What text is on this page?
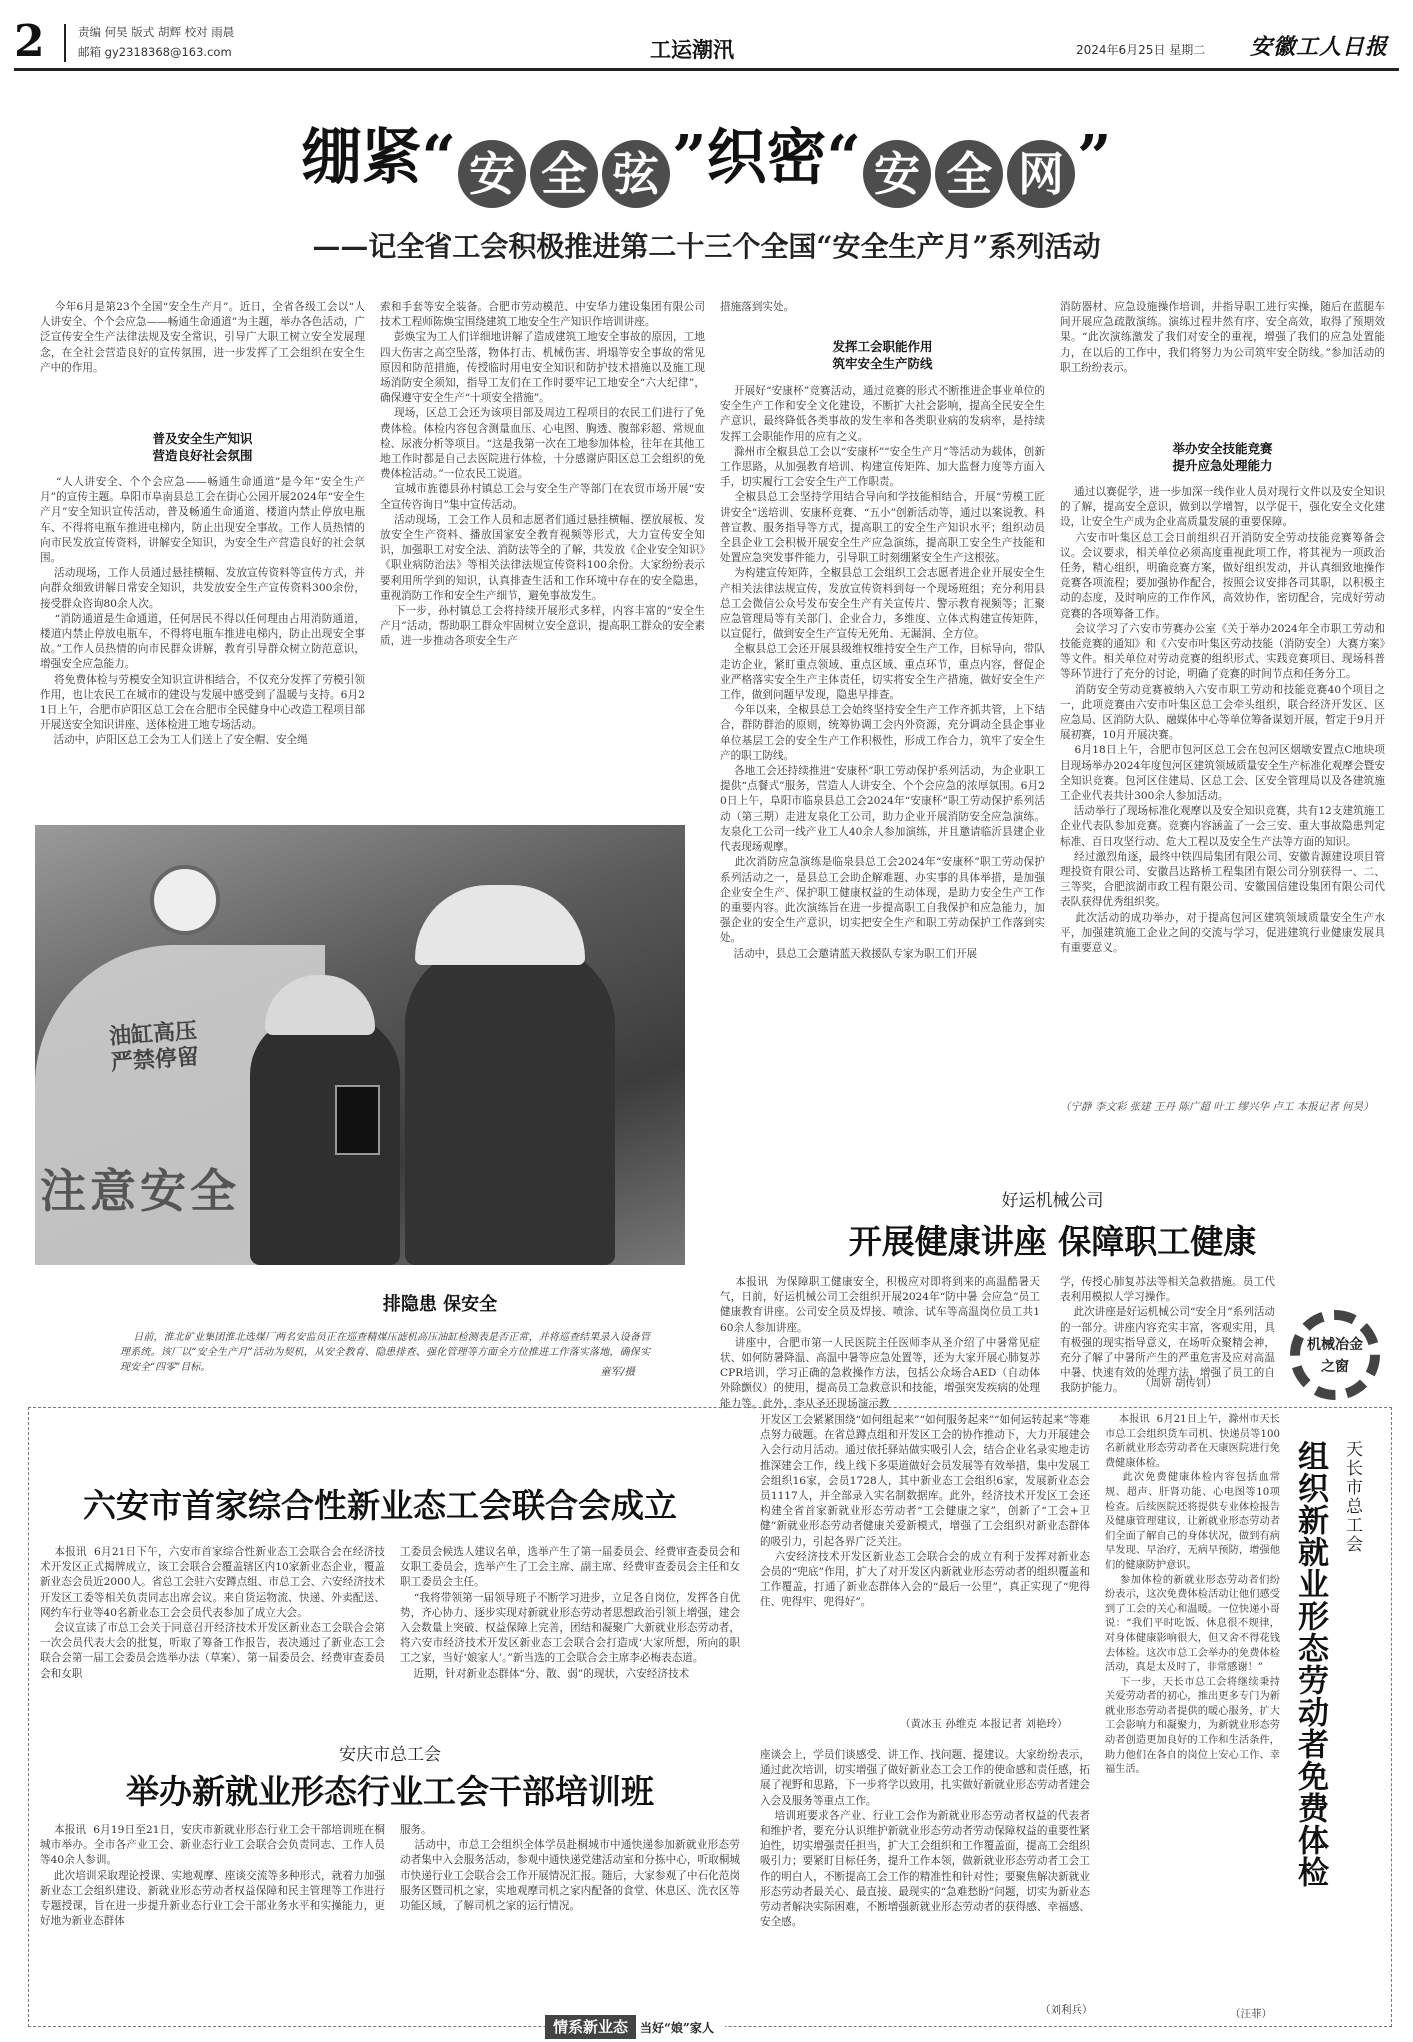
2	责编 何昊 版式 胡辉 校对 雨晨
邮箱 gy2318368@163.com	工运潮汛	2024年6月25日 星期二 安徽工人日报
绷紧“ 安 全 弦 ”织密“ 安 全 网 ”
——记全省工会积极推进第二十三个全国“安全生产月”系列活动
今年6月是第23个全国“安全生产月”。近日，全省各级工会以“人人讲安全、个个会应急——畅通生命通道”为主题，举办各色活动，广泛宣传安全生产法律法规及安全常识，引导广大职工树立安全发展理念，在全社会营造良好的宣传氛围，进一步发挥了工会组织在安全生产中的作用。
普及安全生产知识
营造良好社会氛围
“人人讲安全、个个会应急——畅通生命通道”是今年“安全生产月”的宣传主题。阜阳市阜南县总工会在街心公园开展2024年“安全生产月”安全知识宣传活动，普及畅通生命通道、楼道内禁止停放电瓶车、不得将电瓶车推进电梯内，防止出现安全事故。工作人员热情的向市民发放宣传资料，讲解安全知识，为安全生产营造良好的社会氛围。
活动现场，工作人员通过悬挂横幅、发放宣传资料等宣传方式，并向群众细致讲解日常安全知识，共发放安全生产宣传资料300余份，接受群众咨询80余人次。
“消防通道是生命通道，任何居民不得以任何理由占用消防通道，楼道内禁止停放电瓶车，不得将电瓶车推进电梯内，防止出现安全事故。”工作人员热情的向市民群众讲解，教育引导群众树立防范意识，增强安全应急能力。
将免费体检与劳模安全知识宣讲相结合，不仅充分发挥了劳模引领作用，也让农民工在城市的建设与发展中感受到了温暖与支持。6月21日上午，合肥市庐阳区总工会在合肥市全民健身中心改造工程项目部开展送安全知识讲座、送体检进工地专场活动。
活动中，庐阳区总工会为工人们送上了安全帽、安全绳
索和手套等安全装备。合肥市劳动模范、中安华力建设集团有限公司技术工程师陈焕宝围绕建筑工地安全生产知识作培训讲座。
彭焕宝为工人们详细地讲解了造成建筑工地安全事故的原因，工地四大伤害之高空坠落，物体打击、机械伤害、坍塌等安全事故的常见原因和防范措施，传授临时用电安全知识和防护技术措施以及施工现场消防安全须知，指导工友们在工作时要牢记工地安全“六大纪律”，确保遵守安全生产“十项安全措施”。
现场，区总工会还为该项目部及周边工程项目的农民工们进行了免费体检。体检内容包含测量血压、心电图、胸透、腹部彩超、常规血检、尿液分析等项目。“这是我第一次在工地参加体检，往年在其他工地工作时都是自己去医院进行体检，十分感谢庐阳区总工会组织的免费体检活动。”一位农民工说道。
宣城市旌德县孙村镇总工会与安全生产等部门在农贸市场开展“安全宣传咨询日”集中宣传活动。
活动现场，工会工作人员和志愿者们通过悬挂横幅、摆放展板、发放安全生产资料、播放国家安全教育视频等形式，大力宣传安全知识，加强职工对安全法、消防法等全的了解，共发放《企业安全知识》《职业病防治法》等相关法律法规宣传资料100余份。大家纷纷表示要利用所学到的知识，认真排查生活和工作环境中存在的安全隐患，重视消防工作和安全生产细节，避免事故发生。
下一步，孙村镇总工会将持续开展形式多样，内容丰富的“安全生产月”活动，帮助职工群众牢固树立安全意识，提高职工群众的安全素质，进一步推动各项安全生产
措施落到实处。
发挥工会职能作用
筑牢安全生产防线
开展好“安康杯”竞赛活动，通过竞赛的形式不断推进企事业单位的安全生产工作和安全文化建设，不断扩大社会影响，提高全民安全生产意识，最终降低各类事故的发生率和各类职业病的发病率，是持续发挥工会职能作用的应有之义。
滁州市全椒县总工会以“安康杯”“安全生产月”等活动为载体，创新工作思路，从加强教育培训、构建宣传矩阵、加大监督力度等方面入手，切实履行工会安全生产工作职责。
全椒县总工会坚持学用结合导向和学技能相结合，开展“劳模工匠讲安全”送培训、安康杯竞赛、“五小”创新活动等，通过以案说教、科普宣教、服务指导等方式，提高职工的安全生产知识水平；组织动员全县企业工会积极开展安全生产应急演练，提高职工安全生产技能和处置应急突发事件能力，引导职工时刻绷紧安全生产这根弦。
为构建宣传矩阵，全椒县总工会组织工会志愿者进企业开展安全生产相关法律法规宣传，发放宣传资料到每一个现场班组；充分利用县总工会微信公众号发布安全生产有关宣传片、警示教育视频等；汇聚应急管理局等有关部门、企业合力，多维度、立体式构建宣传矩阵，以宣促行，做到安全生产宣传无死角、无漏洞、全方位。
全椒县总工会还开展县级维权维持安全生产工作，目标导向，带队走访企业，紧盯重点领域、重点区域、重点环节，重点内容，督促企业严格落实安全生产主体责任，切实将安全生产措施，做好安全生产工作，做到问题早发现，隐患早排查。
今年以来，全椒县总工会始终坚持安全生产工作齐抓共管，上下结合，群防群治的原则，统筹协调工会内外资源，充分调动全县企事业单位基层工会的安全生产工作积极性，形成工作合力，筑牢了安全生产的职工防线。
各地工会还持续推进“安康杯”职工劳动保护系列活动，为企业职工提供“点餐式”服务，营造人人讲安全、个个会应急的浓厚氛围。6月20日上午，阜阳市临泉县总工会2024年“安康杯”职工劳动保护系列活动（第三期）走进友泉化工公司，助力企业开展消防安全应急演练。友泉化工公司一线产业工人40余人参加演练，并且邀请临沂县建企业代表现场观摩。
此次消防应急演练是临泉县总工会2024年“安康杯”职工劳动保护系列活动之一，是县总工会助企解难题、办实事的具体举措，是加强企业安全生产、保护职工健康权益的生动体现，是助力安全生产工作的重要内容。此次演练旨在进一步提高职工自我保护和应急能力，加强企业的安全生产意识，切实把安全生产和职工劳动保护工作落到实处。
活动中，县总工会邀请蓝天救援队专家为职工们开展
消防器材、应急设施操作培训，并指导职工进行实操，随后在蓝腿车间开展应急疏散演练。演练过程井然有序、安全高效，取得了预期效果。“此次演练激发了我们对安全的重视，增强了我们的应急处置能力，在以后的工作中，我们将努力为公司筑牢安全防线。”参加活动的职工纷纷表示。
举办安全技能竞赛
提升应急处理能力
通过以赛促学，进一步加深一线作业人员对现行文件以及安全知识的了解，提高安全意识，做到以学增智，以学促干，强化安全文化建设，让安全生产成为企业高质量发展的重要保障。
六安市叶集区总工会日前组织召开消防安全劳动技能竞赛筹备会议。会议要求，相关单位必须高度重视此项工作，将其视为一项政治任务，精心组织，明确竞赛方案，做好组织发动，并认真细致地操作竞赛各项流程；要加强协作配合，按照会议安排各司其职，以积极主动的态度，及时响应的工作作风，高效协作，密切配合，完成好劳动竞赛的各项筹备工作。
会议学习了六安市劳赛办公室《关于举办2024年全市职工劳动和技能竞赛的通知》和《六安市叶集区劳动技能（消防安全）大赛方案》等文件。相关单位对劳动竞赛的组织形式、实践竞赛项目、现场科普等环节进行了充分的讨论，明确了竞赛的时间节点和任务分工。
消防安全劳动竞赛被纳入六安市职工劳动和技能竞赛40个项目之一，此项竞赛由六安市叶集区总工会牵头组织，联合经济开发区、区应急局、区消防大队、融媒体中心等单位筹备谋划开展，暂定于9月开展初赛，10月开展决赛。
6月18日上午，合肥市包河区总工会在包河区烟墩安置点C地块项目现场举办2024年度包河区建筑领域质量安全生产标准化观摩会暨安全知识竞赛。包河区住建局、区总工会、区安全管理局以及各建筑施工企业代表共计300余人参加活动。
活动举行了现场标准化观摩以及安全知识竞赛，共有12支建筑施工企业代表队参加竞赛。竞赛内容涵盖了一会三安、重大事故隐患判定标准、百日攻坚行动、危大工程以及安全生产法等方面的知识。
经过激烈角逐，最终中铁四局集团有限公司、安徽肯源建设项目管理投资有限公司、安徽昌达路桥工程集团有限公司分别获得一、二、三等奖，合肥滨湖市政工程有限公司、安徽国信建设集团有限公司代表队获得优秀组织奖。
此次活动的成功举办，对于提高包河区建筑领域质量安全生产水平，加强建筑施工企业之间的交流与学习，促进建筑行业健康发展具有重要意义。
（宁静 李文彩 张建 王丹 陈广超 叶工 缪兴华 卢工 本报记者 何昊）
油缸高压
严禁停留
注意安全
排隐患 保安全
日前，淮北矿业集团淮北选煤厂两名安监员正在巡查精煤压滤机高压油缸检测表是否正常，并将巡查结果录入设备管理系统。该厂以“安全生产月”活动为契机，从安全教育、隐患排查、强化管理等方面全方位推进工作落实落地，确保实现安全“四零”目标。	童军/摄
好运机械公司
开展健康讲座 保障职工健康
本报讯  为保障职工健康安全，积极应对即将到来的高温酷暑天气，日前，好运机械公司工会组织开展2024年“防中暑 会应急”员工健康教育讲座。公司安全员及焊接、喷涂、试车等高温岗位员工共160余人参加讲座。
讲座中，合肥市第一人民医院主任医师李从圣介绍了中暑常见症状、如何防暑降温、高温中暑等应急处置等，还为大家开展心肺复苏CPR培训，学习正确的急救操作方法，包括公众场合AED（自动体外除颤仪）的使用，提高员工急救意识和技能，增强突发疾病的处理能力等。此外，李从圣还现场演示教
学，传授心肺复苏法等相关急救措施。员工代表利用模拟人学习操作。
此次讲座是好运机械公司“安全月”系列活动的一部分。讲座内容充实丰富，客观实用，具有极强的现实指导意义，在场听众聚精会神，充分了解了中暑所产生的严重危害及应对高温中暑、快速有效的处理方法，增强了员工的自我防护能力。	（周妍 胡传钊）
机械冶金
之窗
六安市首家综合性新业态工会联合会成立
本报讯  6月21日下午，六安市首家综合性新业态工会联合会在经济技术开发区正式揭牌成立，该工会联合会覆盖辖区内10家新业态企业，覆盖新业态会员近2000人。省总工会驻六安蹲点组、市总工会、六安经济技术开发区工委等相关负责同志出席会议。来自货运物流、快递、外卖配送、网约车行业等40名新业态工会会员代表参加了成立大会。
会议宣读了市总工会关于同意召开经济技术开发区新业态工会联合会第一次会员代表大会的批复，听取了筹备工作报告，表决通过了新业态工会联合会第一届工会委员会选举办法（草案）、第一届委员会、经费审查委员会和女职
工委员会候选人建议名单，选举产生了第一届委员会、经费审查委员会和女职工委员会，选举产生了工会主席、副主席、经费审查委员会主任和女职工委员会主任。
“我将带领第一届领导班子不断学习进步，立足各自岗位，发挥各自优势，齐心协力、逐步实现对新就业形态劳动者思想政治引领上增强，建会入会数量上突破、权益保障上完善，团结和凝聚广大新就业形态劳动者，将六安市经济技术开发区新业态工会联合会打造成‘大家所想，所向的职工之家，当好‘娘家人’。”新当选的工会联合会主席李必梅表态道。
近期，针对新业态群体“分、散、弱”的现状，六安经济技术
开发区工会紧紧围绕“如何组起来”“如何服务起来”“如何运转起来”等难点努力破题。在省总蹲点组和开发区工会的协作推动下，大力开展建会入会行动月活动。通过依托驿站做实吸引人会，结合企业名录实地走访推深建会工作，线上线下多渠道做好会员发展等有效举措，集中发展工会组织16家，会员1728人，其中新业态工会组织6家，发展新业态会员1117人，并全部录入实名制数据库。此外，经济技术开发区工会还构建全省首家新就业形态劳动者“工会健康之家”，创新了“工会+卫健”新就业形态劳动者健康关爱新模式，增强了工会组织对新业态群体的吸引力，引起各界广泛关注。
六安经济技术开发区新业态工会联合会的成立有利于发挥对新业态会员的“兜底”作用，扩大了对开发区内新就业形态劳动者的组织覆盖和工作覆盖，打通了新业态群体入会的“最后一公里”，真正实现了“兜得住、兜得牢、兜得好”。
（黄冰玉 孙维克 本报记者 刘艳玲）
安庆市总工会
举办新就业形态行业工会干部培训班
本报讯  6月19日至21日，安庆市新就业形态行业工会干部培训班在桐城市举办。全市各产业工会、新业态行业工会联合会负责同志、工作人员等40余人参训。
此次培训采取理论授课、实地观摩、座谈交流等多种形式，就着力加强新业态工会组织建设、新就业形态劳动者权益保障和民主管理等工作进行专题授课，旨在进一步提升新业态行业工会干部业务水平和实操能力，更好地为新业态群体
服务。
活动中，市总工会组织全体学员赴桐城市中通快递参加新就业形态劳动者集中入会服务活动，参观中通快递党建活动室和分拣中心，听取桐城市快递行业工会联合会工作开展情况汇报。随后，大家参观了中石化范岗服务区暨司机之家，实地观摩司机之家内配备的食堂、休息区、洗衣区等功能区域，了解司机之家的运行情况。
座谈会上，学员们谈感受、讲工作、找问题、提建议。大家纷纷表示，通过此次培训，切实增强了做好新业态工会工作的使命感和责任感，拓展了视野和思路，下一步将学以致用，扎实做好新就业形态劳动者建会入会及服务等重点工作。
培训班要求各产业、行业工会作为新就业形态劳动者权益的代表者和维护者，要充分认识维护新就业形态劳动者劳动保障权益的重要性紧迫性，切实增强责任担当，扩大工会组织和工作覆盖面，提高工会组织吸引力；要紧盯目标任务，提升工作本领，做新就业形态劳动者工会工作的明白人，不断提高工会工作的精准性和针对性；要聚焦解决新就业形态劳动者最关心、最直接、最现实的“急难愁盼”问题，切实为新业态劳动者解决实际困难，不断增强新就业形态劳动者的获得感、幸福感、安全感。
（刘利兵）
天长市总工会
组织新就业形态劳动者免费体检
本报讯  6月21日上午，滁州市天长市总工会组织货车司机、快递员等100名新就业形态劳动者在天康医院进行免费健康体检。
此次免费健康体检内容包括血常规、超声、肝肾功能、心电图等10项检查。后续医院还将提供专业体检报告及健康管理建议，让新就业形态劳动者们全面了解自己的身体状况，做到有病早发现、早治疗，无病早预防，增强他们的健康防护意识。
参加体检的新就业形态劳动者们纷纷表示，这次免费体检活动让他们感受到了工会的关心和温暖。一位快递小哥说：“我们平时吃饭、休息很不规律，对身体健康影响很大，但又舍不得花钱去体检。这次市总工会举办的免费体检活动，真是太及时了，非常感谢！”
下一步，天长市总工会将继续秉持关爱劳动者的初心，推出更多专门为新就业形态劳动者提供的暖心服务，扩大工会影响力和凝聚力，为新就业形态劳动者创造更加良好的工作和生活条件，助力他们在各自的岗位上安心工作、幸福生活。
（汪菲）
情系新业态 当好“娘”家人
